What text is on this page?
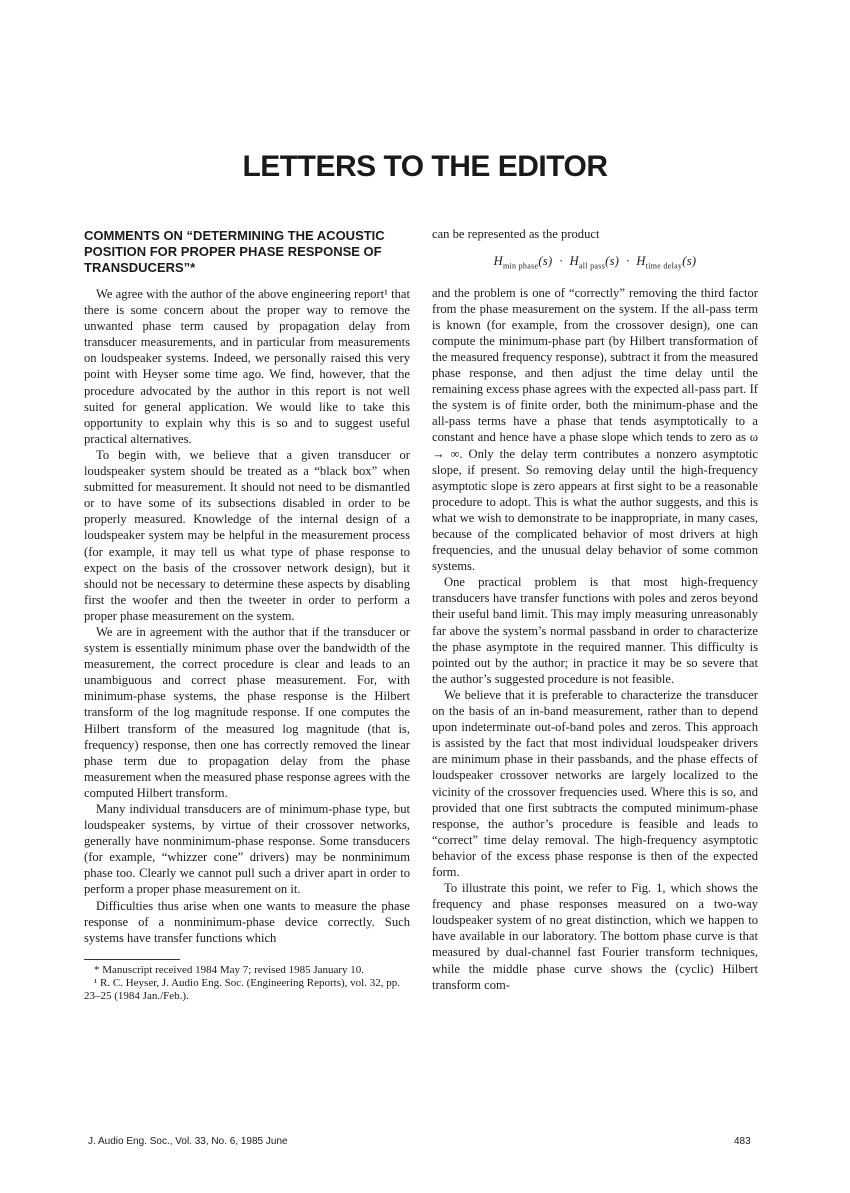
LETTERS TO THE EDITOR
COMMENTS ON “DETERMINING THE ACOUSTIC POSITION FOR PROPER PHASE RESPONSE OF TRANSDUCERS”*

We agree with the author of the above engineering report¹ that there is some concern about the proper way to remove the unwanted phase term caused by propagation delay from transducer measurements, and in particular from measurements on loudspeaker systems. Indeed, we personally raised this very point with Heyser some time ago. We find, however, that the procedure advocated by the author in this report is not well suited for general application. We would like to take this opportunity to explain why this is so and to suggest useful practical alternatives.

To begin with, we believe that a given transducer or loudspeaker system should be treated as a “black box” when submitted for measurement. It should not need to be dismantled or to have some of its subsections disabled in order to be properly measured. Knowledge of the internal design of a loudspeaker system may be helpful in the measurement process (for example, it may tell us what type of phase response to expect on the basis of the crossover network design), but it should not be necessary to determine these aspects by disabling first the woofer and then the tweeter in order to perform a proper phase measurement on the system.

We are in agreement with the author that if the transducer or system is essentially minimum phase over the bandwidth of the measurement, the correct procedure is clear and leads to an unambiguous and correct phase measurement. For, with minimum-phase systems, the phase response is the Hilbert transform of the log magnitude response. If one computes the Hilbert transform of the measured log magnitude (that is, frequency) response, then one has correctly removed the linear phase term due to propagation delay from the phase measurement when the measured phase response agrees with the computed Hilbert transform.

Many individual transducers are of minimum-phase type, but loudspeaker systems, by virtue of their crossover networks, generally have nonminimum-phase response. Some transducers (for example, “whizzer cone” drivers) may be nonminimum phase too. Clearly we cannot pull such a driver apart in order to perform a proper phase measurement on it.

Difficulties thus arise when one wants to measure the phase response of a nonminimum-phase device correctly. Such systems have transfer functions which

* Manuscript received 1984 May 7; revised 1985 January 10.

¹ R. C. Heyser, J. Audio Eng. Soc. (Engineering Reports), vol. 32, pp. 23–25 (1984 Jan./Feb.).

can be represented as the product

$H_{min phase}(s) \cdot H_{all pass}(s) \cdot H_{time delay}(s)$

and the problem is one of “correctly” removing the third factor from the phase measurement on the system. If the all-pass term is known (for example, from the crossover design), one can compute the minimum-phase part (by Hilbert transformation of the measured frequency response), subtract it from the measured phase response, and then adjust the time delay until the remaining excess phase agrees with the expected all-pass part. If the system is of finite order, both the minimum-phase and the all-pass terms have a phase that tends asymptotically to a constant and hence have a phase slope which tends to zero as ω → ∞. Only the delay term contributes a nonzero asymptotic slope, if present. So removing delay until the high-frequency asymptotic slope is zero appears at first sight to be a reasonable procedure to adopt. This is what the author suggests, and this is what we wish to demonstrate to be inappropriate, in many cases, because of the complicated behavior of most drivers at high frequencies, and the unusual delay behavior of some common systems.

One practical problem is that most high-frequency transducers have transfer functions with poles and zeros beyond their useful band limit. This may imply measuring unreasonably far above the system’s normal passband in order to characterize the phase asymptote in the required manner. This difficulty is pointed out by the author; in practice it may be so severe that the author’s suggested procedure is not feasible.

We believe that it is preferable to characterize the transducer on the basis of an in-band measurement, rather than to depend upon indeterminate out-of-band poles and zeros. This approach is assisted by the fact that most individual loudspeaker drivers are minimum phase in their passbands, and the phase effects of loudspeaker crossover networks are largely localized to the vicinity of the crossover frequencies used. Where this is so, and provided that one first subtracts the computed minimum-phase response, the author’s procedure is feasible and leads to “correct” time delay removal. The high-frequency asymptotic behavior of the excess phase response is then of the expected form.

To illustrate this point, we refer to Fig. 1, which shows the frequency and phase responses measured on a two-way loudspeaker system of no great distinction, which we happen to have available in our laboratory. The bottom phase curve is that measured by dual-channel fast Fourier transform techniques, while the middle phase curve shows the (cyclic) Hilbert transform com-

J. Audio Eng. Soc., Vol. 33, No. 6, 1985 June	483
